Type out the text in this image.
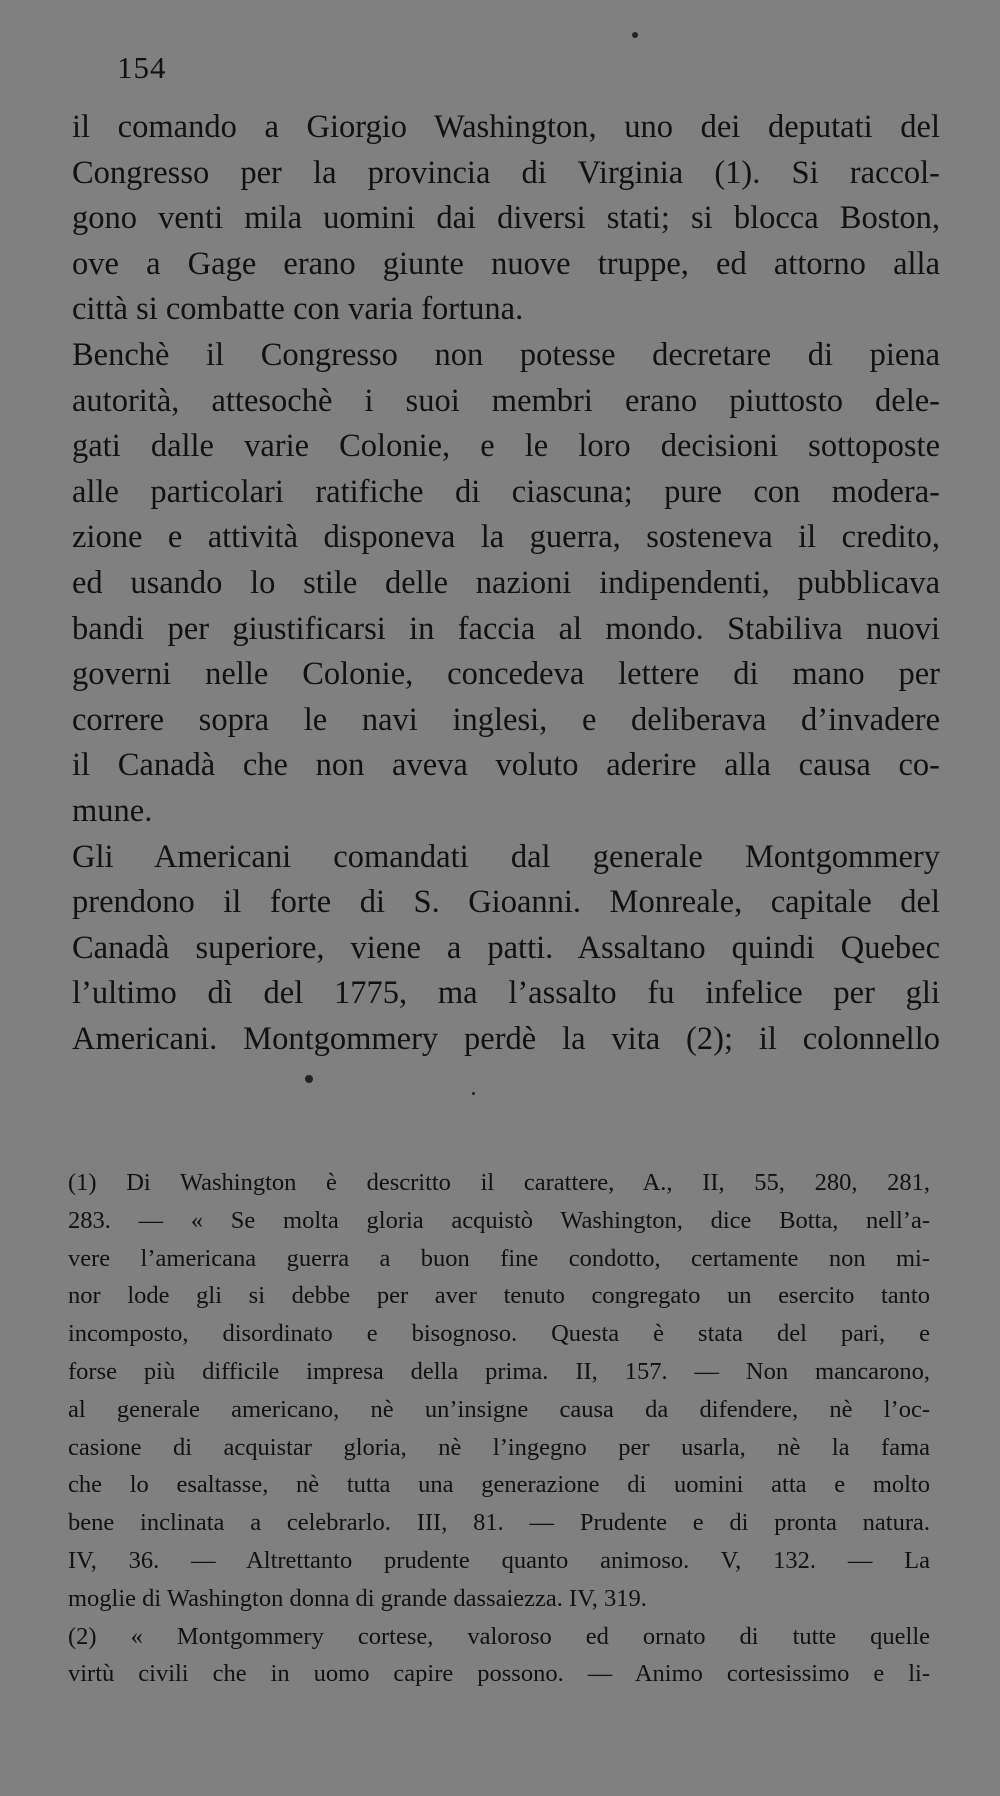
154
il comando a Giorgio Washington, uno dei deputati del
Congresso per la provincia di Virginia (1). Si raccol-
gono venti mila uomini dai diversi stati; si blocca Boston,
ove a Gage erano giunte nuove truppe, ed attorno alla
città si combatte con varia fortuna.
Benchè il Congresso non potesse decretare di piena
autorità, attesochè i suoi membri erano piuttosto dele-
gati dalle varie Colonie, e le loro decisioni sottoposte
alle particolari ratifiche di ciascuna; pure con modera-
zione e attività disponeva la guerra, sosteneva il credito,
ed usando lo stile delle nazioni indipendenti, pubblicava
bandi per giustificarsi in faccia al mondo. Stabiliva nuovi
governi nelle Colonie, concedeva lettere di mano per
correre sopra le navi inglesi, e deliberava d’invadere
il Canadà che non aveva voluto aderire alla causa co-
mune.
Gli Americani comandati dal generale Montgommery
prendono il forte di S. Gioanni. Monreale, capitale del
Canadà superiore, viene a patti. Assaltano quindi Quebec
l’ultimo dì del 1775, ma l’assalto fu infelice per gli
Americani. Montgommery perdè la vita (2); il colonnello
(1) Di Washington è descritto il carattere, A., II, 55, 280, 281,
283. — « Se molta gloria acquistò Washington, dice Botta, nell’a-
vere l’americana guerra a buon fine condotto, certamente non mi-
nor lode gli si debbe per aver tenuto congregato un esercito tanto
incomposto, disordinato e bisognoso. Questa è stata del pari, e
forse più difficile impresa della prima. II, 157. — Non mancarono,
al generale americano, nè un’insigne causa da difendere, nè l’oc-
casione di acquistar gloria, nè l’ingegno per usarla, nè la fama
che lo esaltasse, nè tutta una generazione di uomini atta e molto
bene inclinata a celebrarlo. III, 81. — Prudente e di pronta natura.
IV, 36. — Altrettanto prudente quanto animoso. V, 132. — La
moglie di Washington donna di grande dassaiezza. IV, 319.
(2) « Montgommery cortese, valoroso ed ornato di tutte quelle
virtù civili che in uomo capire possono. — Animo cortesissimo e li-
